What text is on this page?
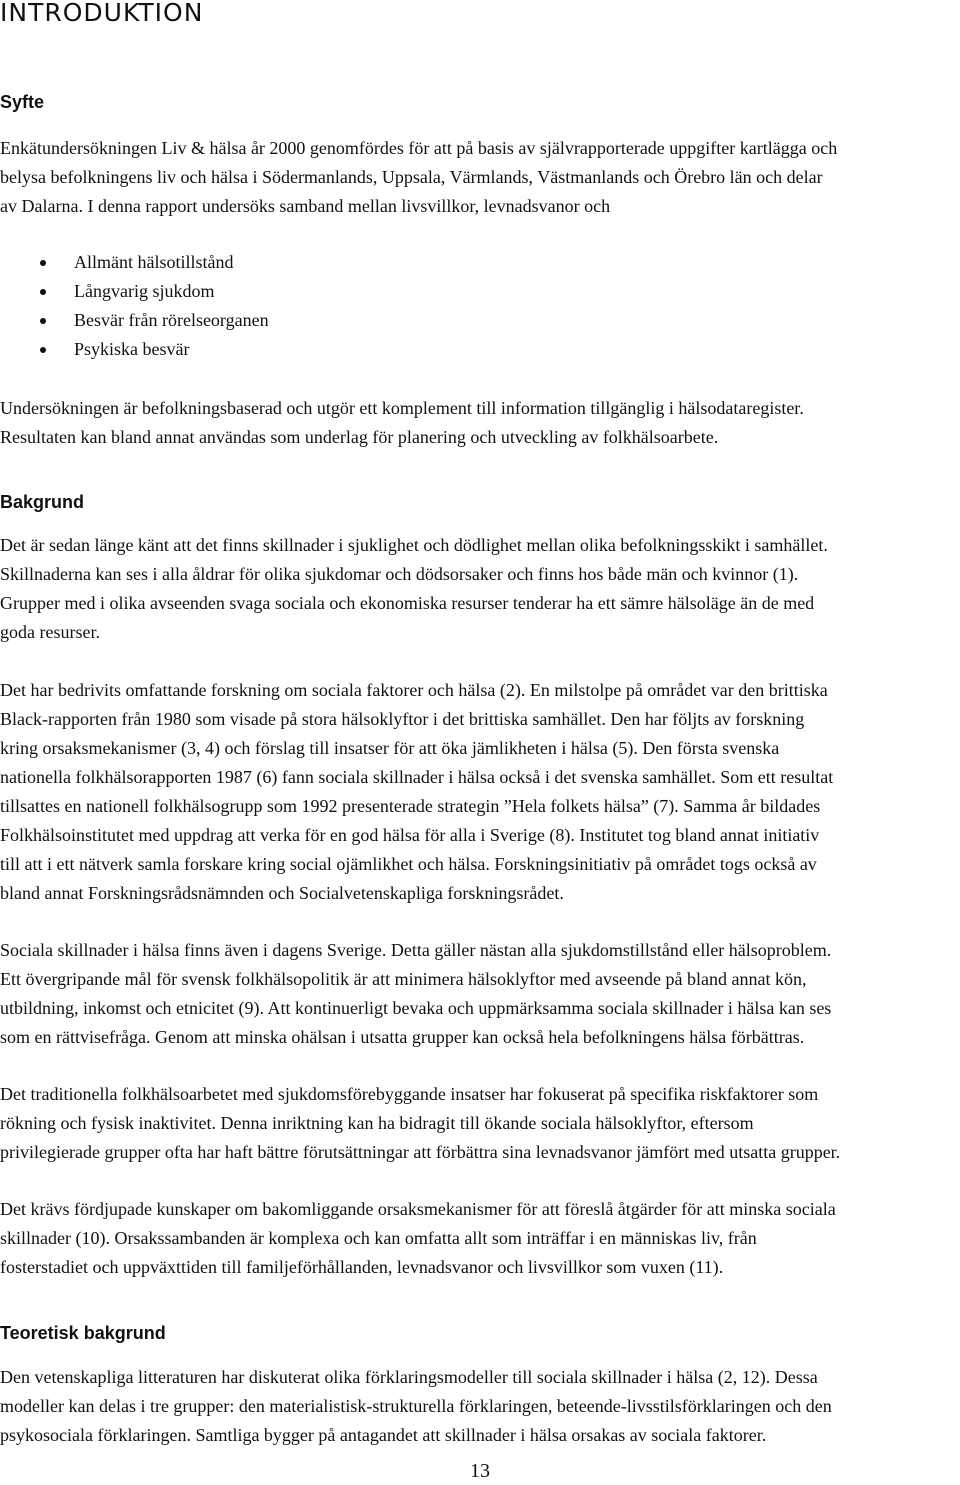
INTRODUKTION
Syfte

Enkätundersökningen Liv & hälsa år 2000 genomfördes för att på basis av självrapporterade uppgifter kartlägga och
belysa befolkningens liv och hälsa i Södermanlands, Uppsala, Värmlands, Västmanlands och Örebro län och delar
av Dalarna. I denna rapport undersöks samband mellan livsvillkor, levnadsvanor och

Allmänt hälsotillstånd
Långvarig sjukdom
Besvär från rörelseorganen
Psykiska besvär

Undersökningen är befolkningsbaserad och utgör ett komplement till information tillgänglig i hälsodataregister.
Resultaten kan bland annat användas som underlag för planering och utveckling av folkhälsoarbete.

Bakgrund

Det är sedan länge känt att det finns skillnader i sjuklighet och dödlighet mellan olika befolkningsskikt i samhället.
Skillnaderna kan ses i alla åldrar för olika sjukdomar och dödsorsaker och finns hos både män och kvinnor (1).
Grupper med i olika avseenden svaga sociala och ekonomiska resurser tenderar ha ett sämre hälsoläge än de med
goda resurser.

Det har bedrivits omfattande forskning om sociala faktorer och hälsa (2). En milstolpe på området var den brittiska
Black-rapporten från 1980 som visade på stora hälsoklyftor i det brittiska samhället. Den har följts av forskning
kring orsaksmekanismer (3, 4) och förslag till insatser för att öka jämlikheten i hälsa (5). Den första svenska
nationella folkhälsorapporten 1987 (6) fann sociala skillnader i hälsa också i det svenska samhället. Som ett resultat
tillsattes en nationell folkhälsogrupp som 1992 presenterade strategin ”Hela folkets hälsa” (7). Samma år bildades
Folkhälsoinstitutet med uppdrag att verka för en god hälsa för alla i Sverige (8). Institutet tog bland annat initiativ
till att i ett nätverk samla forskare kring social ojämlikhet och hälsa. Forskningsinitiativ på området togs också av
bland annat Forskningsrådsnämnden och Socialvetenskapliga forskningsrådet.

Sociala skillnader i hälsa finns även i dagens Sverige. Detta gäller nästan alla sjukdomstillstånd eller hälsoproblem.
Ett övergripande mål för svensk folkhälsopolitik är att minimera hälsoklyftor med avseende på bland annat kön,
utbildning, inkomst och etnicitet (9). Att kontinuerligt bevaka och uppmärksamma sociala skillnader i hälsa kan ses
som en rättvisefråga. Genom att minska ohälsan i utsatta grupper kan också hela befolkningens hälsa förbättras.

Det traditionella folkhälsoarbetet med sjukdomsförebyggande insatser har fokuserat på specifika riskfaktorer som
rökning och fysisk inaktivitet. Denna inriktning kan ha bidragit till ökande sociala hälsoklyftor, eftersom
privilegierade grupper ofta har haft bättre förutsättningar att förbättra sina levnadsvanor jämfört med utsatta grupper.

Det krävs fördjupade kunskaper om bakomliggande orsaksmekanismer för att föreslå åtgärder för att minska sociala
skillnader (10). Orsakssambanden är komplexa och kan omfatta allt som inträffar i en människas liv, från
fosterstadiet och uppväxttiden till familjeförhållanden, levnadsvanor och livsvillkor som vuxen (11).

Teoretisk bakgrund

Den vetenskapliga litteraturen har diskuterat olika förklaringsmodeller till sociala skillnader i hälsa (2, 12). Dessa
modeller kan delas i tre grupper: den materialistisk-strukturella förklaringen, beteende-livsstilsförklaringen och den
psykosociala förklaringen. Samtliga bygger på antagandet att skillnader i hälsa orsakas av sociala faktorer.

13
